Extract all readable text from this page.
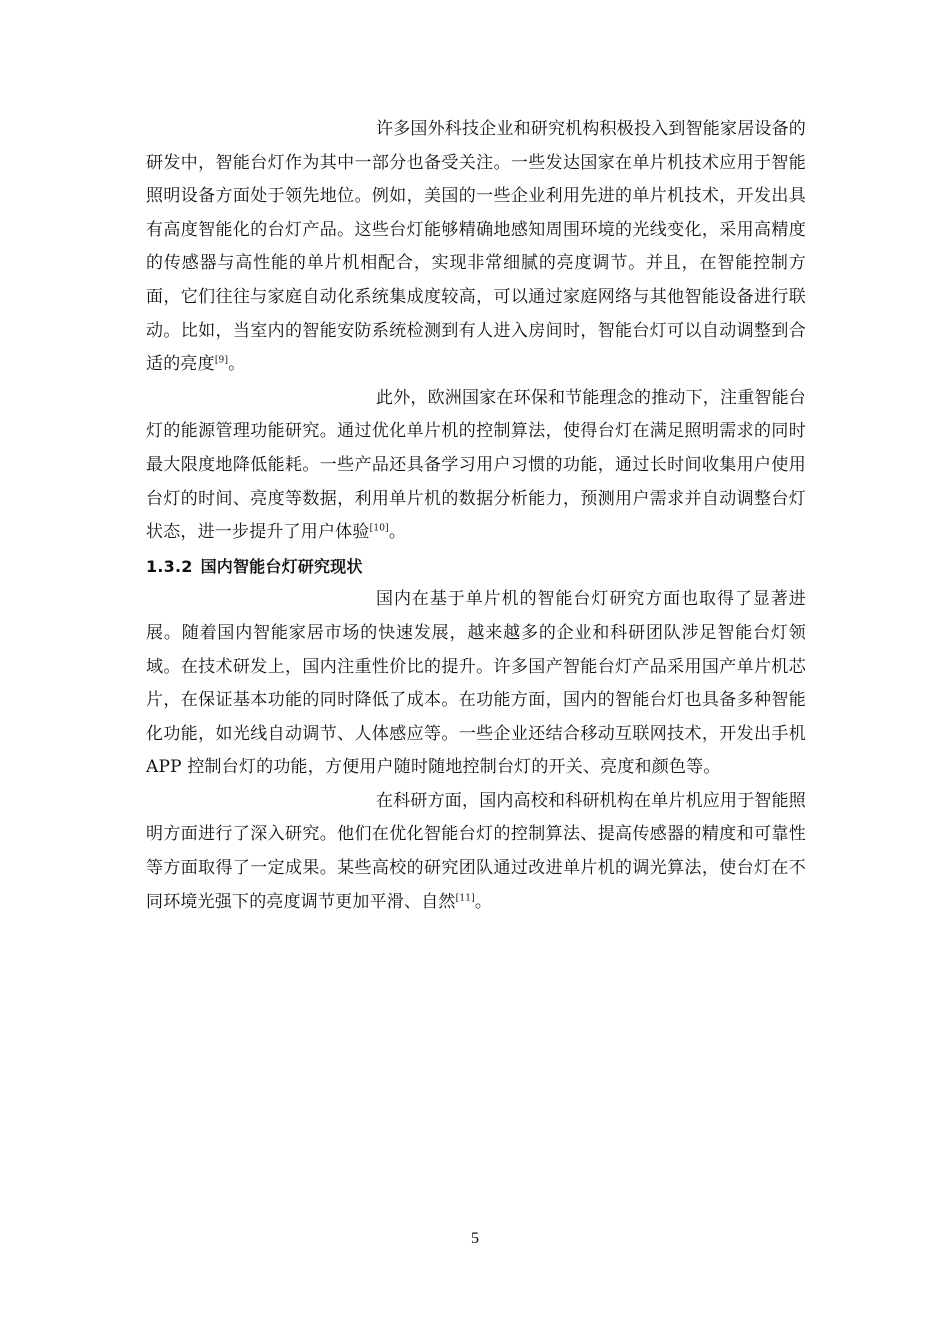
许多国外科技企业和研究机构积极投入到智能家居设备的研发中，智能台灯作为其中一部分也备受关注。一些发达国家在单片机技术应用于智能照明设备方面处于领先地位。例如，美国的一些企业利用先进的单片机技术，开发出具有高度智能化的台灯产品。这些台灯能够精确地感知周围环境的光线变化，采用高精度的传感器与高性能的单片机相配合，实现非常细腻的亮度调节。并且，在智能控制方面，它们往往与家庭自动化系统集成度较高，可以通过家庭网络与其他智能设备进行联动。比如，当室内的智能安防系统检测到有人进入房间时，智能台灯可以自动调整到合适的亮度[9]。

此外，欧洲国家在环保和节能理念的推动下，注重智能台灯的能源管理功能研究。通过优化单片机的控制算法，使得台灯在满足照明需求的同时最大限度地降低能耗。一些产品还具备学习用户习惯的功能，通过长时间收集用户使用台灯的时间、亮度等数据，利用单片机的数据分析能力，预测用户需求并自动调整台灯状态，进一步提升了用户体验[10]。

1.3.2 国内智能台灯研究现状

国内在基于单片机的智能台灯研究方面也取得了显著进展。随着国内智能家居市场的快速发展，越来越多的企业和科研团队涉足智能台灯领域。在技术研发上，国内注重性价比的提升。许多国产智能台灯产品采用国产单片机芯片，在保证基本功能的同时降低了成本。在功能方面，国内的智能台灯也具备多种智能化功能，如光线自动调节、人体感应等。一些企业还结合移动互联网技术，开发出手机 APP 控制台灯的功能，方便用户随时随地控制台灯的开关、亮度和颜色等。

在科研方面，国内高校和科研机构在单片机应用于智能照明方面进行了深入研究。他们在优化智能台灯的控制算法、提高传感器的精度和可靠性等方面取得了一定成果。某些高校的研究团队通过改进单片机的调光算法，使台灯在不同环境光强下的亮度调节更加平滑、自然[11]。

5
